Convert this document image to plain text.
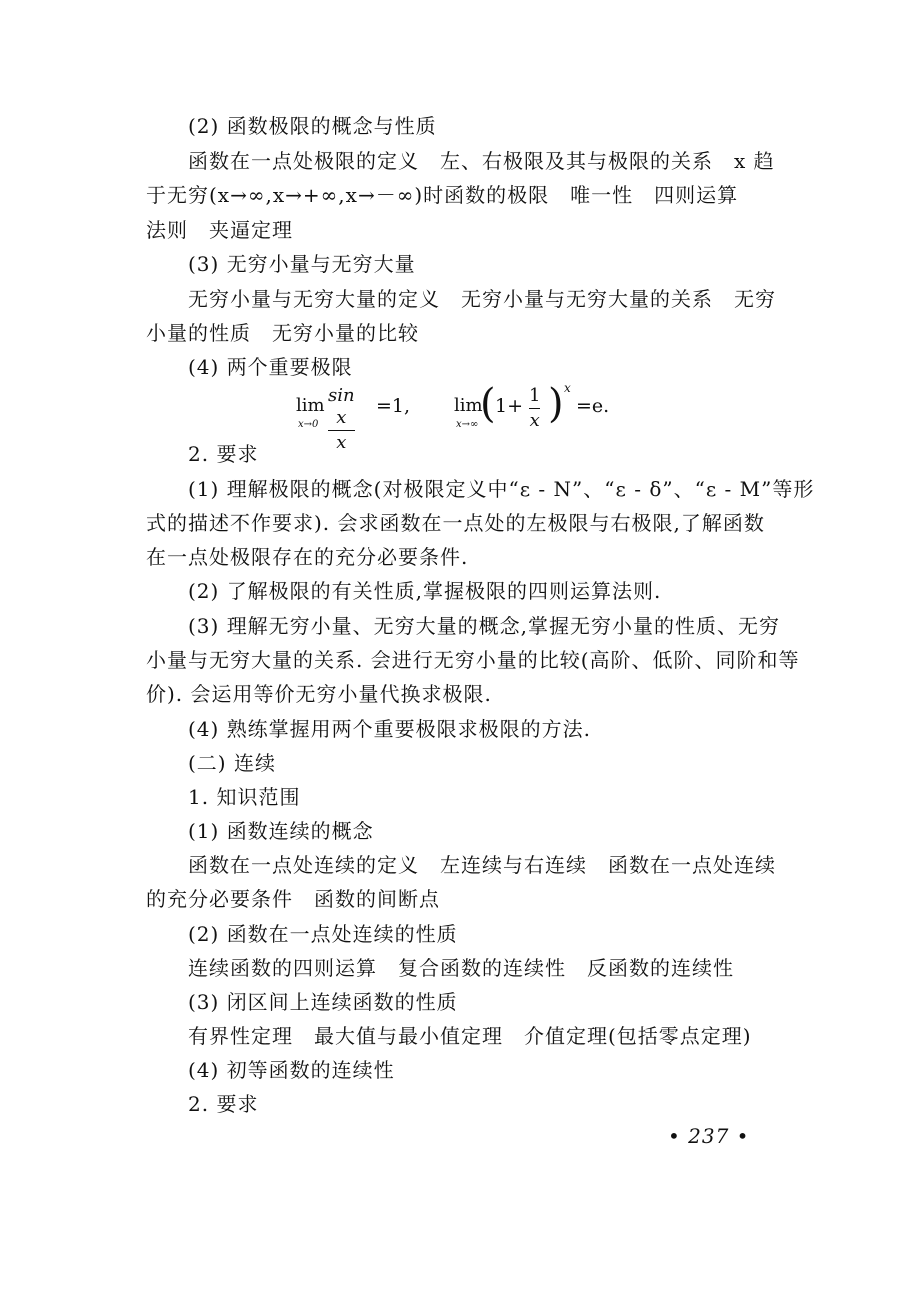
(2) 函数极限的概念与性质
函数在一点处极限的定义　左、右极限及其与极限的关系　x 趋
于无穷(x→∞,x→+∞,x→－∞)时函数的极限　唯一性　四则运算
法则　夹逼定理
(3) 无穷小量与无穷大量
无穷小量与无穷大量的定义　无穷小量与无穷大量的关系　无穷
小量的性质　无穷小量的比较
(4) 两个重要极限
lim
x→0
sin x
x
=1, lim
x→∞ ( 1+ 1
x ) x
=e.
2. 要求
(1) 理解极限的概念(对极限定义中“ε - N”、“ε - δ”、“ε - M”等形
式的描述不作要求). 会求函数在一点处的左极限与右极限,了解函数
在一点处极限存在的充分必要条件.
(2) 了解极限的有关性质,掌握极限的四则运算法则.
(3) 理解无穷小量、无穷大量的概念,掌握无穷小量的性质、无穷
小量与无穷大量的关系. 会进行无穷小量的比较(高阶、低阶、同阶和等
价). 会运用等价无穷小量代换求极限.
(4) 熟练掌握用两个重要极限求极限的方法.
(二) 连续
1. 知识范围
(1) 函数连续的概念
函数在一点处连续的定义　左连续与右连续　函数在一点处连续
的充分必要条件　函数的间断点
(2) 函数在一点处连续的性质
连续函数的四则运算　复合函数的连续性　反函数的连续性
(3) 闭区间上连续函数的性质
有界性定理　最大值与最小值定理　介值定理(包括零点定理)
(4) 初等函数的连续性
2. 要求
• 237 •
